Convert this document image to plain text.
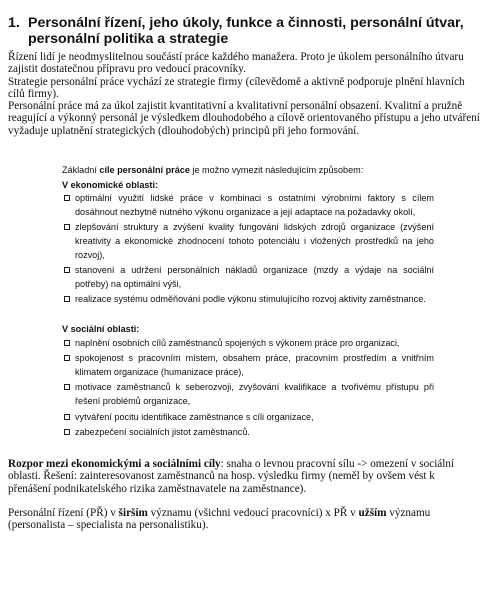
1. Personální řízení, jeho úkoly, funkce a činnosti, personální útvar, personální politika a strategie

Řízení lidí je neodmyslitelnou součástí práce každého manažera. Proto je úkolem personálního útvaru zajistit dostatečnou přípravu pro vedoucí pracovníky.

Strategie personální práce vychází ze strategie firmy (cílevědomě a aktivně podporuje plnění hlavních cílů firmy).

Personální práce má za úkol zajistit kvantitativní a kvalitativní personální obsazení. Kvalitní a pružně reagující a výkonný personál je výsledkem dlouhodobého a cílově orientovaného přístupu a jeho utváření vyžaduje uplatnění strategických (dlouhodobých) principů při jeho formování.

Základní cíle personální práce je možno vymezit následujícím způsobem:

V ekonomické oblasti:

optimální využití lidské práce v kombinaci s ostatními výrobními faktory s cílem dosáhnout nezbytně nutného výkonu organizace a její adaptace na požadavky okolí,
zlepšování struktury a zvýšení kvality fungování lidských zdrojů organizace (zvýšení kreativity a ekonomické zhodnocení tohoto potenciálu i vložených prostředků na jeho rozvoj),
stanovení a udržení personálních nákladů organizace (mzdy a výdaje na sociální potřeby) na optimální výši,
realizace systému odměňování podle výkonu stimulujícího rozvoj aktivity zaměstnance.

V sociální oblasti:

naplnění osobních cílů zaměstnanců spojených s výkonem práce pro organizaci,
spokojenost s pracovním místem, obsahem práce, pracovním prostředím a vnitřním klimatem organizace (humanizace práce),
motivace zaměstnanců k seberozvoji, zvyšování kvalifikace a tvořivému přístupu při řešení problémů organizace,
vytváření pocitu identifikace zaměstnance s cíli organizace,
zabezpečení sociálních jistot zaměstnanců.

Rozpor mezi ekonomickými a sociálními cíly: snaha o levnou pracovní sílu -> omezení v sociální oblasti. Řešení: zainteresovanost zaměstnanců na hosp. výsledku firmy (neměl by ovšem vést k přenášení podnikatelského rizika zaměstnavatele na zaměstnance).

Personální řízení (PŘ) v širším významu (všichni vedoucí pracovníci) x PŘ v užším významu (personalista – specialista na personalistiku).
